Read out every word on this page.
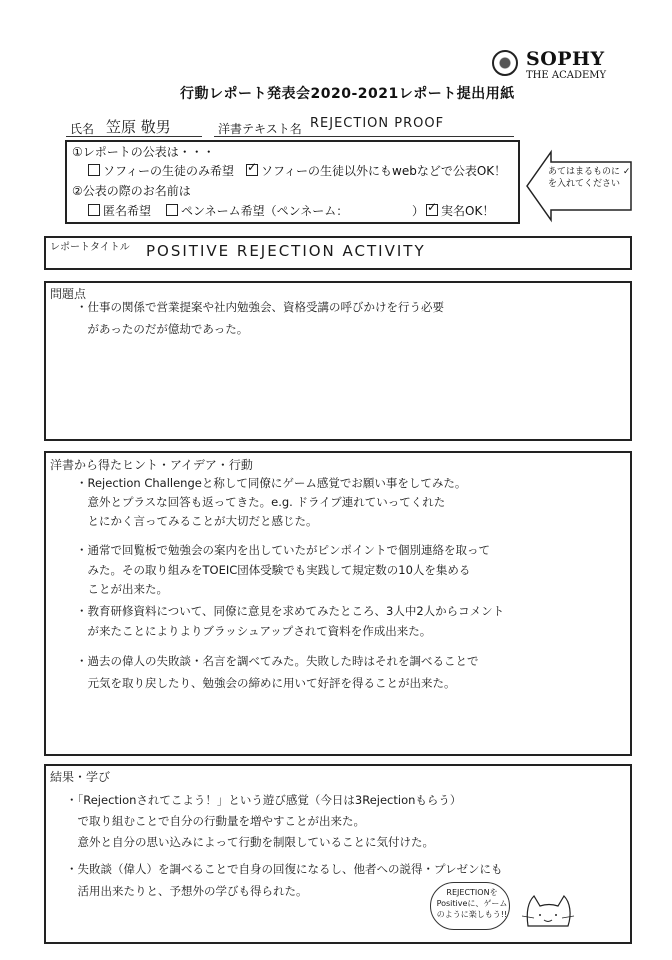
SOPHY
THE ACADEMY
行動レポート発表会2020-2021レポート提出用紙
氏名 笠原 敬男	洋書テキスト名 REJECTION PROOF
①レポートの公表は・・・
ソフィーの生徒のみ希望 ✓	ソフィーの生徒以外にもwebなどで公表OK！
②公表の際のお名前は
匿名希望	ペンネーム希望（ペンネーム：	） ✓	実名OK！
あてはまるものに ✓を入れてください
レポートタイトル POSITIVE REJECTION ACTIVITY
問題点
・仕事の関係で営業提案や社内勉強会、資格受講の呼びかけを行う必要
　があったのだが億劫であった。
洋書から得たヒント・アイデア・行動
・Rejection Challengeと称して同僚にゲーム感覚でお願い事をしてみた。
　意外とプラスな回答も返ってきた。e.g. ドライブ連れていってくれた
　とにかく言ってみることが大切だと感じた。
・通常で回覧板で勉強会の案内を出していたがピンポイントで個別連絡を取って
　みた。その取り組みをTOEIC団体受験でも実践して規定数の10人を集める
　ことが出来た。
・教育研修資料について、同僚に意見を求めてみたところ、3人中2人からコメント
　が来たことによりよりブラッシュアップされて資料を作成出来た。
・過去の偉人の失敗談・名言を調べてみた。失敗した時はそれを調べることで
　元気を取り戻したり、勉強会の締めに用いて好評を得ることが出来た。
結果・学び
・「Rejectionされてこよう！」という遊び感覚（今日は3Rejectionもらう）
　で取り組むことで自分の行動量を増やすことが出来た。
　意外と自分の思い込みによって行動を制限していることに気付けた。
・失敗談（偉人）を調べることで自身の回復になるし、他者への説得・プレゼンにも
　活用出来たりと、予想外の学びも得られた。	REJECTIONを Positiveに、ゲームのように楽しもう!!
